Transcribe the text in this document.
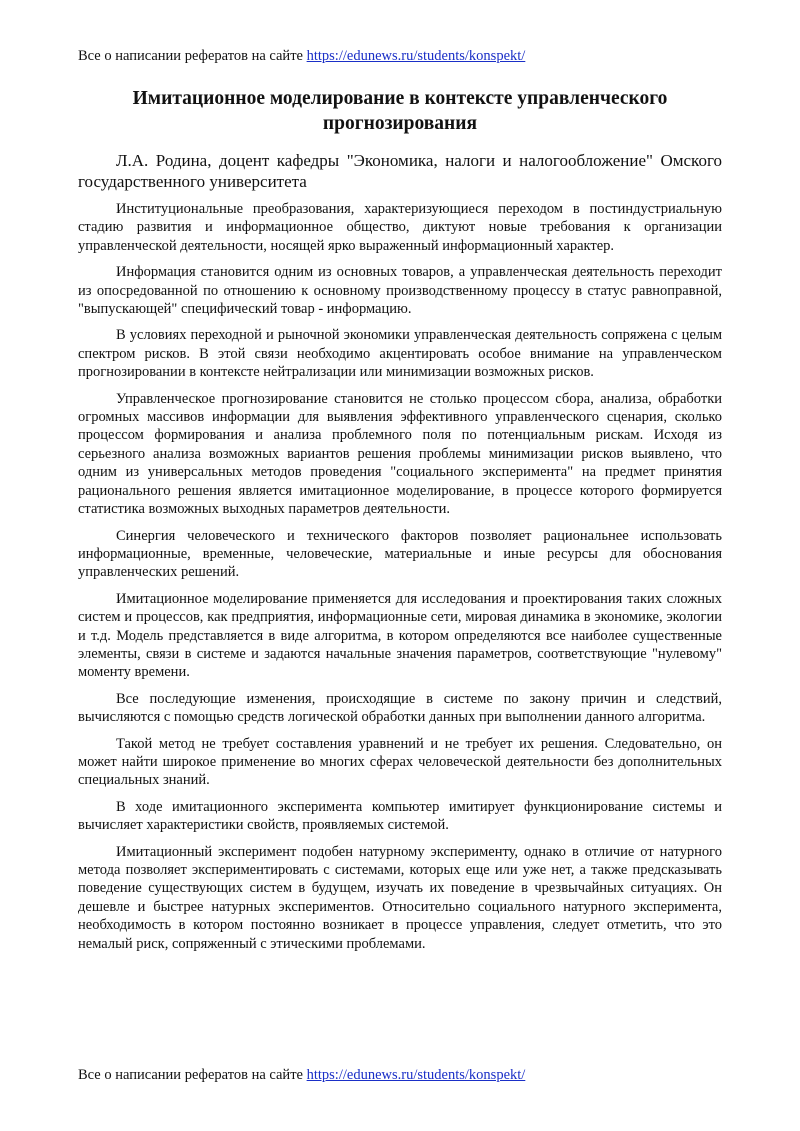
Все о написании рефератов на сайте https://edunews.ru/students/konspekt/
Имитационное моделирование в контексте управленческого прогнозирования

Л.А. Родина, доцент кафедры "Экономика, налоги и налогообложение" Омского государственного университета

Институциональные преобразования, характеризующиеся переходом в постиндустриальную стадию развития и информационное общество, диктуют новые требования к организации управленческой деятельности, носящей ярко выраженный информационный характер.

Информация становится одним из основных товаров, а управленческая деятельность переходит из опосредованной по отношению к основному производственному процессу в статус равноправной, "выпускающей" специфический товар - информацию.

В условиях переходной и рыночной экономики управленческая деятельность сопряжена с целым спектром рисков. В этой связи необходимо акцентировать особое внимание на управленческом прогнозировании в контексте нейтрализации или минимизации возможных рисков.

Управленческое прогнозирование становится не столько процессом сбора, анализа, обработки огромных массивов информации для выявления эффективного управленческого сценария, сколько процессом формирования и анализа проблемного поля по потенциальным рискам. Исходя из серьезного анализа возможных вариантов решения проблемы минимизации рисков выявлено, что одним из универсальных методов проведения "социального эксперимента" на предмет принятия рационального решения является имитационное моделирование, в процессе которого формируется статистика возможных выходных параметров деятельности.

Синергия человеческого и технического факторов позволяет рациональнее использовать информационные, временные, человеческие, материальные и иные ресурсы для обоснования управленческих решений.

Имитационное моделирование применяется для исследования и проектирования таких сложных систем и процессов, как предприятия, информационные сети, мировая динамика в экономике, экологии и т.д. Модель представляется в виде алгоритма, в котором определяются все наиболее существенные элементы, связи в системе и задаются начальные значения параметров, соответствующие "нулевому" моменту времени.

Все последующие изменения, происходящие в системе по закону причин и следствий, вычисляются с помощью средств логической обработки данных при выполнении данного алгоритма.

Такой метод не требует составления уравнений и не требует их решения. Следовательно, он может найти широкое применение во многих сферах человеческой деятельности без дополнительных специальных знаний.

В ходе имитационного эксперимента компьютер имитирует функционирование системы и вычисляет характеристики свойств, проявляемых системой.

Имитационный эксперимент подобен натурному эксперименту, однако в отличие от натурного метода позволяет экспериментировать с системами, которых еще или уже нет, а также предсказывать поведение существующих систем в будущем, изучать их поведение в чрезвычайных ситуациях. Он дешевле и быстрее натурных экспериментов. Относительно социального натурного эксперимента, необходимость в котором постоянно возникает в процессе управления, следует отметить, что это немалый риск, сопряженный с этическими проблемами.

Все о написании рефератов на сайте https://edunews.ru/students/konspekt/
